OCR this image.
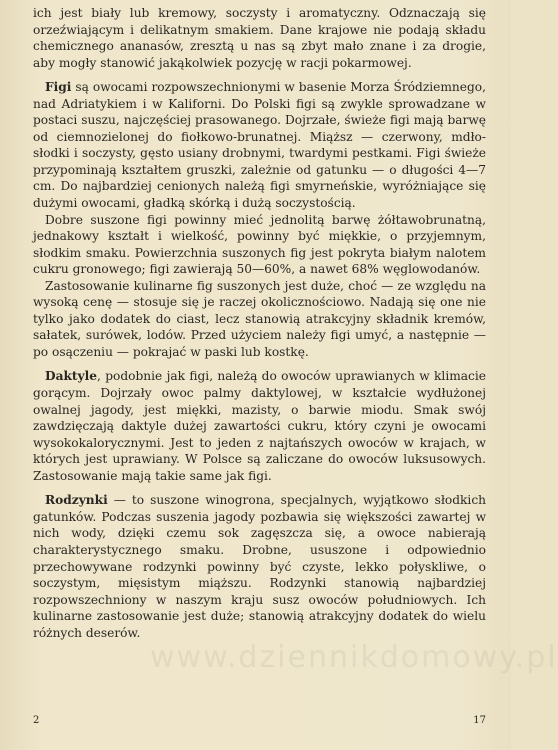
ich jest biały lub kremowy, soczysty i aromatyczny. Odznaczają się orzeźwiającym i delikatnym smakiem. Dane krajowe nie podają składu chemicznego ananasów, zresztą u nas są zbyt mało znane i za drogie, aby mogły stanowić jakąkolwiek pozycję w racji pokarmowej.

Figi są owocami rozpowszechnionymi w basenie Morza Śródziemnego, nad Adriatykiem i w Kaliforni. Do Polski figi są zwykle sprowadzane w postaci suszu, najczęściej prasowanego. Dojrzałe, świeże figi mają barwę od ciemnozielonej do fiołkowo-brunatnej. Miąższ — czerwony, mdło-słodki i soczysty, gęsto usiany drobnymi, twardymi pestkami. Figi świeże przypominają kształtem gruszki, zależnie od gatunku — o długości 4—7 cm. Do najbardziej cenionych należą figi smyrneńskie, wyróżniające się dużymi owocami, gładką skórką i dużą soczystością.

Dobre suszone figi powinny mieć jednolitą barwę żółtawobrunatną, jednakowy kształt i wielkość, powinny być miękkie, o przyjemnym, słodkim smaku. Powierzchnia suszonych fig jest pokryta białym nalotem cukru gronowego; figi zawierają 50—60%, a nawet 68% węglowodanów.

Zastosowanie kulinarne fig suszonych jest duże, choć — ze względu na wysoką cenę — stosuje się je raczej okolicznościowo. Nadają się one nie tylko jako dodatek do ciast, lecz stanowią atrakcyjny składnik kremów, sałatek, surówek, lodów. Przed użyciem należy figi umyć, a następnie — po osączeniu — pokrajać w paski lub kostkę.

Daktyle, podobnie jak figi, należą do owoców uprawianych w klimacie gorącym. Dojrzały owoc palmy daktylowej, w kształcie wydłużonej owalnej jagody, jest miękki, mazisty, o barwie miodu. Smak swój zawdzięczają daktyle dużej zawartości cukru, który czyni je owocami wysokokalorycznymi. Jest to jeden z najtańszych owoców w krajach, w których jest uprawiany. W Polsce są zaliczane do owoców luksusowych. Zastosowanie mają takie same jak figi.

Rodzynki — to suszone winogrona, specjalnych, wyjątkowo słodkich gatunków. Podczas suszenia jagody pozbawia się większości zawartej w nich wody, dzięki czemu sok zagęszcza się, a owoce nabierają charakterystycznego smaku. Drobne, ususzone i odpowiednio przechowywane rodzynki powinny być czyste, lekko połyskliwe, o soczystym, mięsistym miąższu. Rodzynki stanowią najbardziej rozpowszechniony w naszym kraju susz owoców południowych. Ich kulinarne zastosowanie jest duże; stanowią atrakcyjny dodatek do wielu różnych deserów.

www.dziennikdomowy.pl
2	17
